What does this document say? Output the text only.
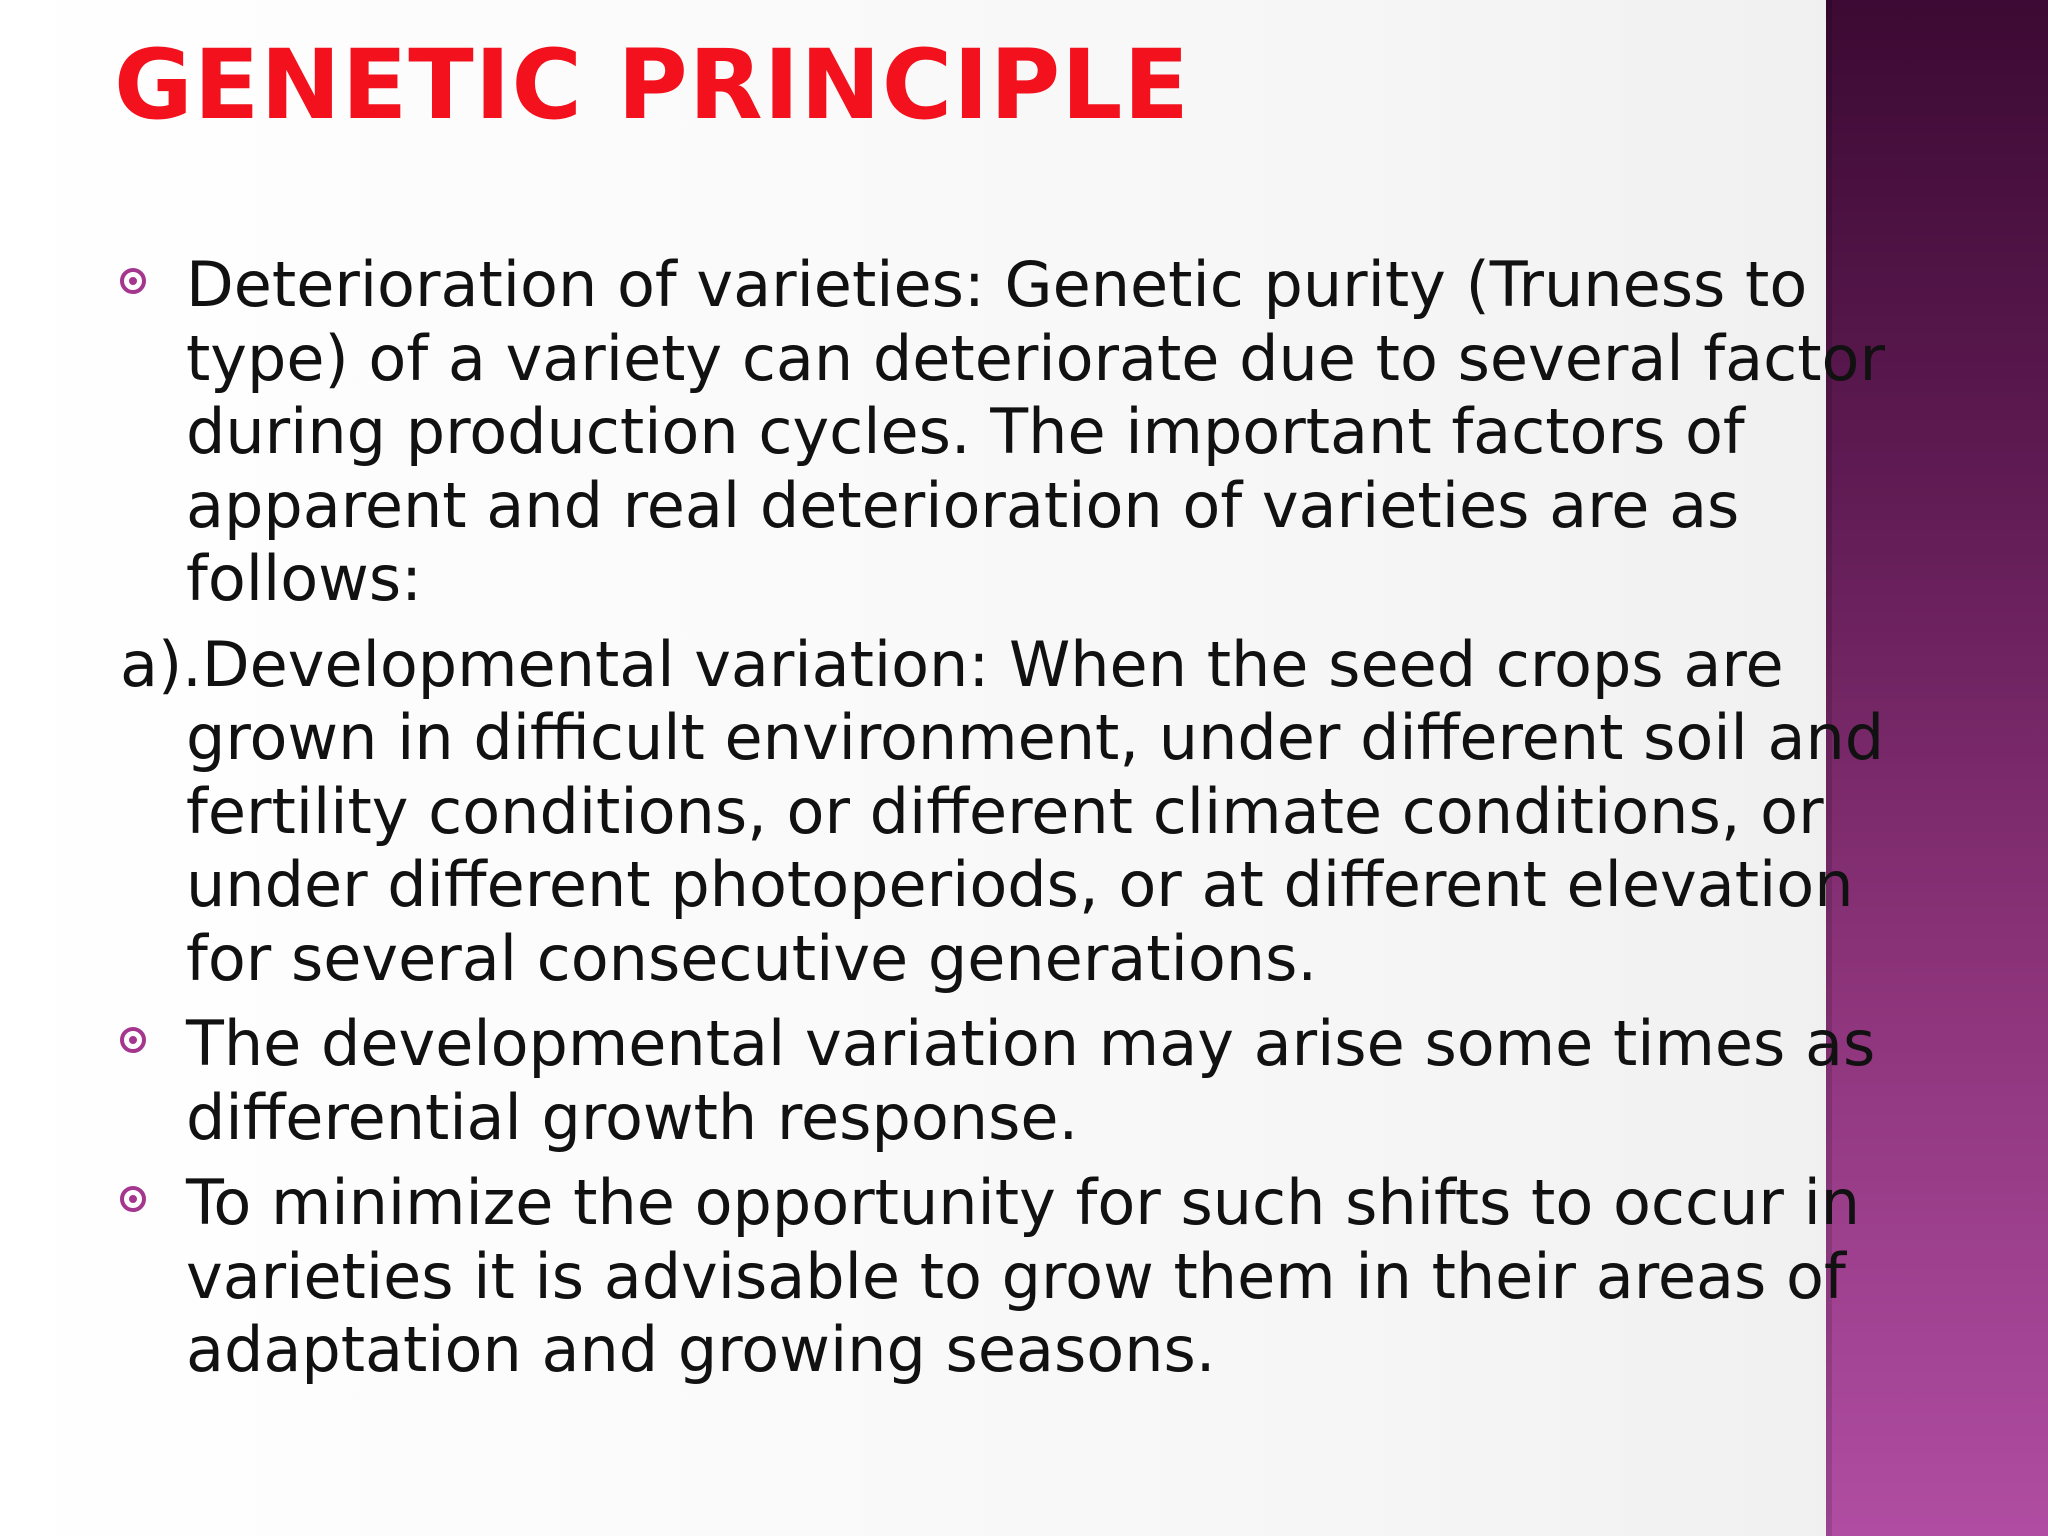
GENETIC PRINCIPLE
Deterioration of varieties: Genetic purity (Truness to
type) of a variety can deteriorate due to several factor
during production cycles. The important factors of
apparent and real deterioration of varieties are as
follows:
a).Developmental variation: When the seed crops are
grown in difficult environment, under different soil and
fertility conditions, or different climate conditions, or
under different photoperiods, or at different elevation
for several consecutive generations.
The developmental variation may arise some times as
differential growth response.
To minimize the opportunity for such shifts to occur in
varieties it is advisable to grow them in their areas of
adaptation and growing seasons.
